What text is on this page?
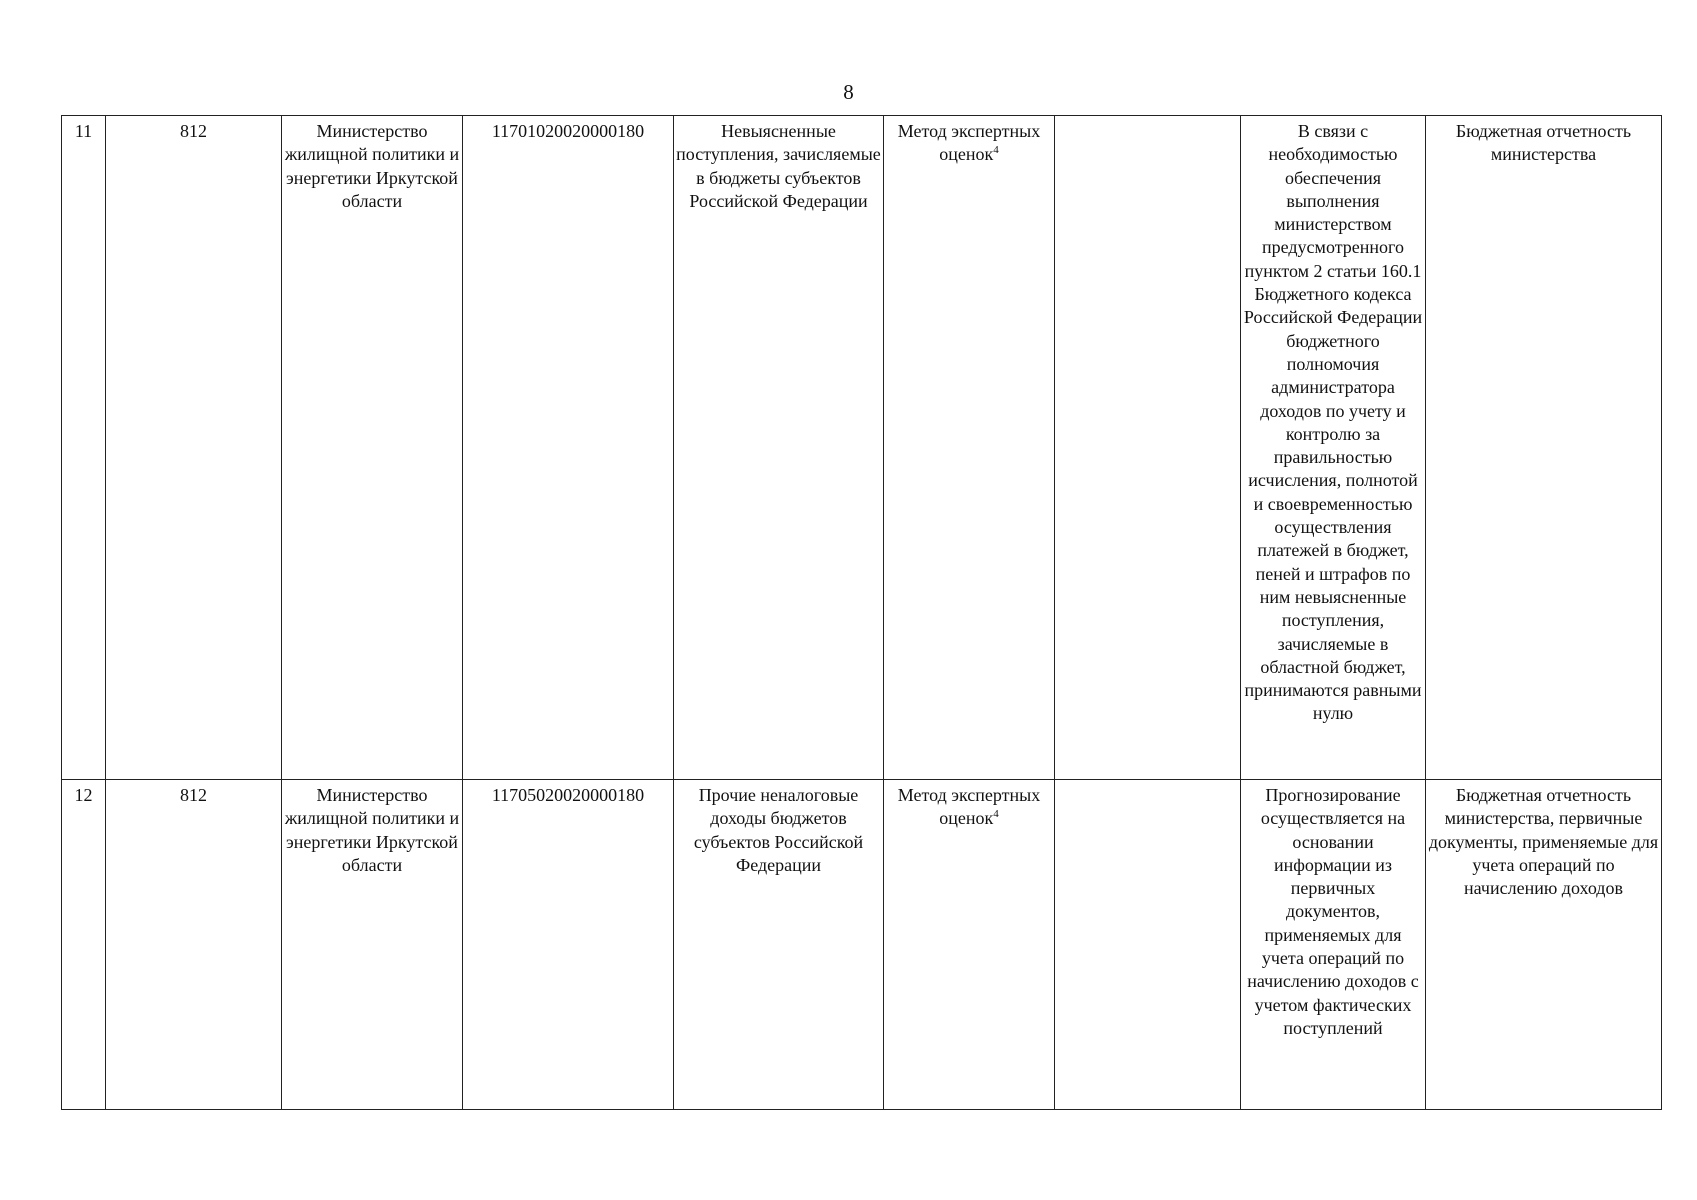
8
11	812	Министерство жилищной политики и энергетики Иркутской области	11701020020000180	Невыясненные поступления, зачисляемые в бюджеты субъектов Российской Федерации	Метод экспертных оценок$^4$		В связи с необходимостью обеспечения выполнения министерством предусмотренного пунктом 2 статьи 160.1 Бюджетного кодекса Российской Федерации бюджетного полномочия администратора доходов по учету и контролю за правильностью исчисления, полнотой и своевременностью осуществления платежей в бюджет, пеней и штрафов по ним невыясненные поступления, зачисляемые в областной бюджет, принимаются равными нулю	Бюджетная отчетность министерства
12	812	Министерство жилищной политики и энергетики Иркутской области	11705020020000180	Прочие неналоговые доходы бюджетов субъектов Российской Федерации	Метод экспертных оценок$^4$		Прогнозирование осуществляется на основании информации из первичных документов, применяемых для учета операций по начислению доходов с учетом фактических поступлений	Бюджетная отчетность министерства, первичные документы, применяемые для учета операций по начислению доходов
